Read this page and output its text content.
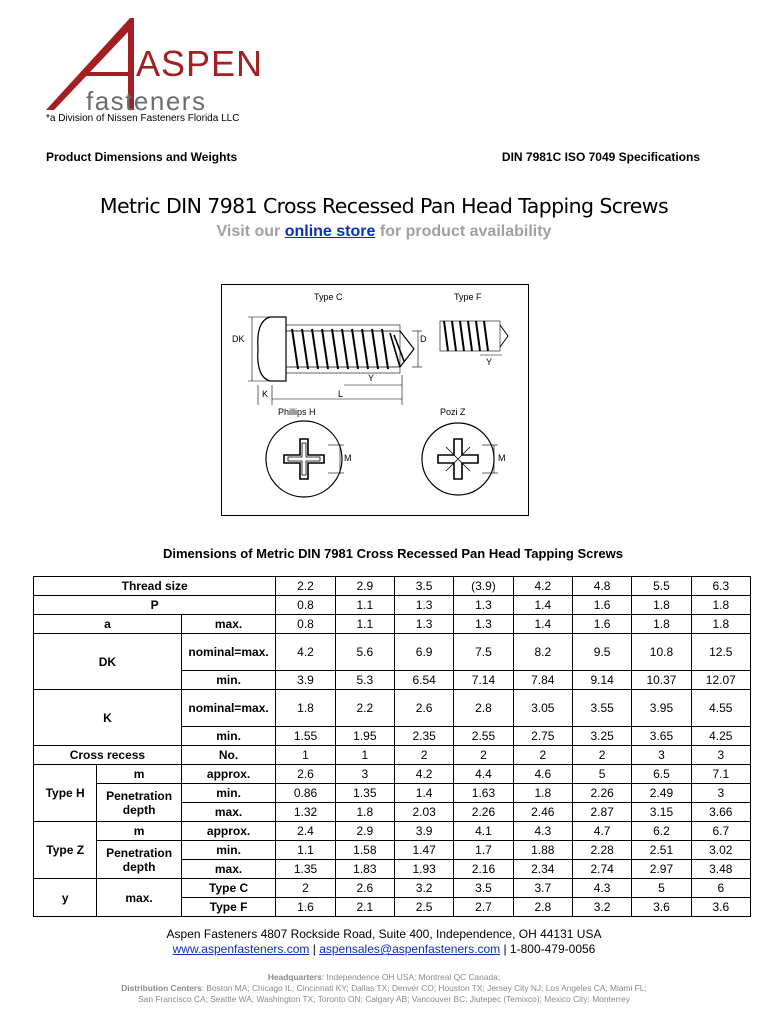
ASPEN
fasteners
*a Division of Nissen Fasteners Florida LLC
Product Dimensions and Weights	DIN 7981C ISO 7049 Specifications
Metric DIN 7981 Cross Recessed Pan Head Tapping Screws
Visit our online store for product availability
Type C	Type F
DK	D
Y
K	L
Y
Phillips H
M
Pozi Z
M
Dimensions of Metric DIN 7981 Cross Recessed Pan Head Tapping Screws
Thread size			2.2	2.9	3.5	(3.9)	4.2	4.8	5.5	6.3
P			0.8	1.1	1.3	1.3	1.4	1.6	1.8	1.8
a		max.	0.8	1.1	1.3	1.3	1.4	1.6	1.8	1.8
DK		nominal=max.	4.2	5.6	6.9	7.5	8.2	9.5	10.8	12.5
		min.	3.9	5.3	6.54	7.14	7.84	9.14	10.37	12.07
K		nominal=max.	1.8	2.2	2.6	2.8	3.05	3.55	3.95	4.55
		min.	1.55	1.95	2.35	2.55	2.75	3.25	3.65	4.25
Cross recess		No.	1	1	2	2	2	2	3	3
Type H	m	approx.	2.6	3	4.2	4.4	4.6	5	6.5	7.1
	Penetration depth	min.	0.86	1.35	1.4	1.63	1.8	2.26	2.49	3
		max.	1.32	1.8	2.03	2.26	2.46	2.87	3.15	3.66
Type Z	m	approx.	2.4	2.9	3.9	4.1	4.3	4.7	6.2	6.7
	Penetration depth	min.	1.1	1.58	1.47	1.7	1.88	2.28	2.51	3.02
		max.	1.35	1.83	1.93	2.16	2.34	2.74	2.97	3.48
y	max.	Type C	2	2.6	3.2	3.5	3.7	4.3	5	6
		Type F	1.6	2.1	2.5	2.7	2.8	3.2	3.6	3.6
Aspen Fasteners 4807 Rockside Road, Suite 400, Independence, OH 44131 USA
www.aspenfasteners.com | aspensales@aspenfasteners.com | 1-800-479-0056
Headquarters: Independence OH USA; Montreal QC Canada;
Distribution Centers: Boston MA; Chicago IL; Cincinnati KY; Dallas TX; Denver CO; Houston TX; Jersey City NJ; Los Angeles CA; Miami FL;
San Francisco CA; Seattle WA; Washington TX; Toronto ON; Calgary AB; Vancouver BC; Jiutepec (Temixco); Mexico City; Monterrey
